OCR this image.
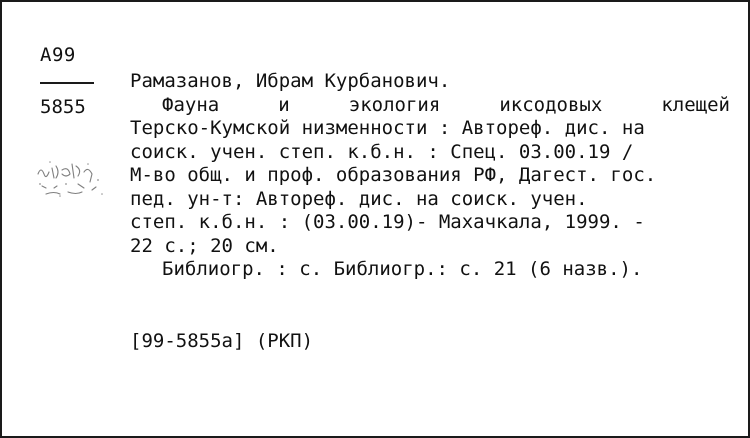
А99
5855
Рамазанов, Ибрам Курбанович.
Фауна	и	экология	иксодовых	клещей
Терско-Кумской низменности : Автореф. дис. на
соиск. учен. степ. к.б.н. : Спец. 03.00.19 /
М-во общ. и проф. образования РФ, Дагест. гос.
пед. ун-т: Автореф. дис. на соиск. учен.
степ. к.б.н. : (03.00.19)- Махачкала, 1999. -
22 с.; 20 см.
Библиогр. : с. Библиогр.: с. 21 (6 назв.).
[99-5855а] (РКП)
